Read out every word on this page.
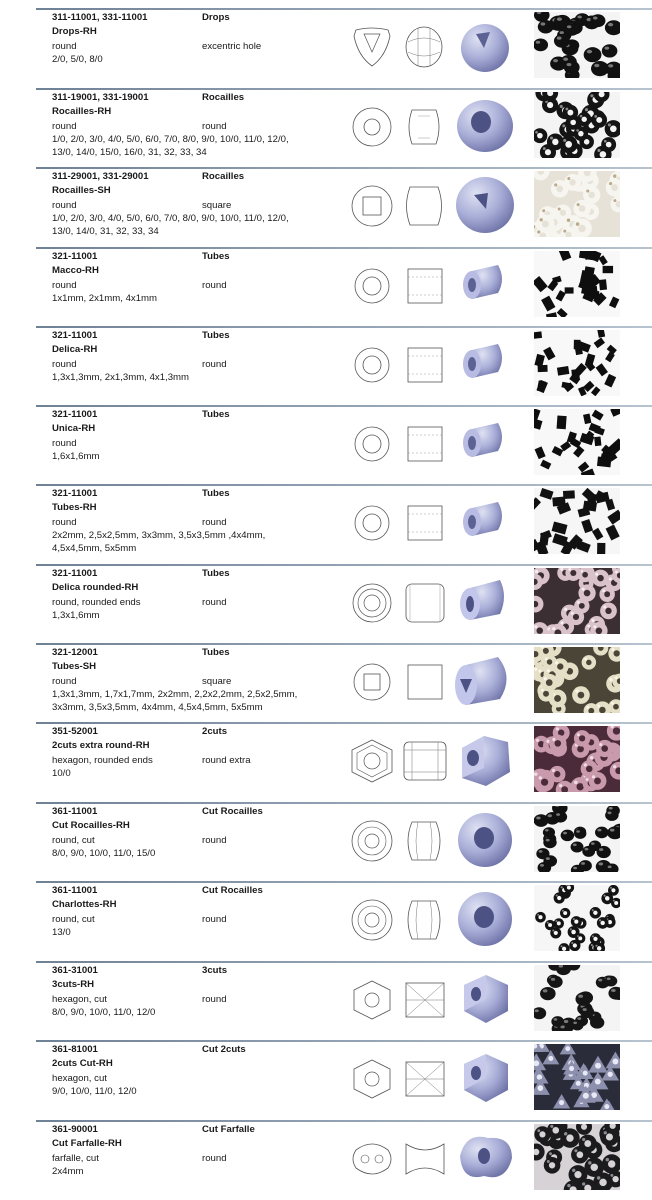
311-11001, 331-11001	Drops
Drops-RH
round	excentric hole
2/0, 5/0, 8/0
311-19001, 331-19001	Rocailles
Rocailles-RH
round	round
1/0, 2/0, 3/0, 4/0, 5/0, 6/0, 7/0, 8/0, 9/0, 10/0, 11/0, 12/0,
13/0, 14/0, 15/0, 16/0, 31, 32, 33, 34
311-29001, 331-29001	Rocailles
Rocailles-SH
round	square
1/0, 2/0, 3/0, 4/0, 5/0, 6/0, 7/0, 8/0, 9/0, 10/0, 11/0, 12/0,
13/0, 14/0, 31, 32, 33, 34
321-11001	Tubes
Macco-RH
round	round
1x1mm, 2x1mm, 4x1mm
321-11001	Tubes
Delica-RH
round	round
1,3x1,3mm, 2x1,3mm, 4x1,3mm
321-11001	Tubes
Unica-RH
round
1,6x1,6mm
321-11001	Tubes
Tubes-RH
round	round
2x2mm, 2,5x2,5mm, 3x3mm, 3,5x3,5mm ,4x4mm,
4,5x4,5mm, 5x5mm
321-11001	Tubes
Delica rounded-RH
round, rounded ends	round
1,3x1,6mm
321-12001	Tubes
Tubes-SH
round	square
1,3x1,3mm, 1,7x1,7mm, 2x2mm, 2,2x2,2mm, 2,5x2,5mm,
3x3mm, 3,5x3,5mm, 4x4mm, 4,5x4,5mm, 5x5mm
351-52001	2cuts
2cuts extra round-RH
hexagon, rounded ends	round extra
10/0
361-11001	Cut Rocailles
Cut Rocailles-RH
round, cut	round
8/0, 9/0, 10/0, 11/0, 15/0
361-11001	Cut Rocailles
Charlottes-RH
round, cut	round
13/0
361-31001	3cuts
3cuts-RH
hexagon, cut	round
8/0, 9/0, 10/0, 11/0, 12/0
361-81001	Cut 2cuts
2cuts Cut-RH
hexagon, cut
9/0, 10/0, 11/0, 12/0
361-90001	Cut Farfalle
Cut Farfalle-RH
farfalle, cut	round
2x4mm
